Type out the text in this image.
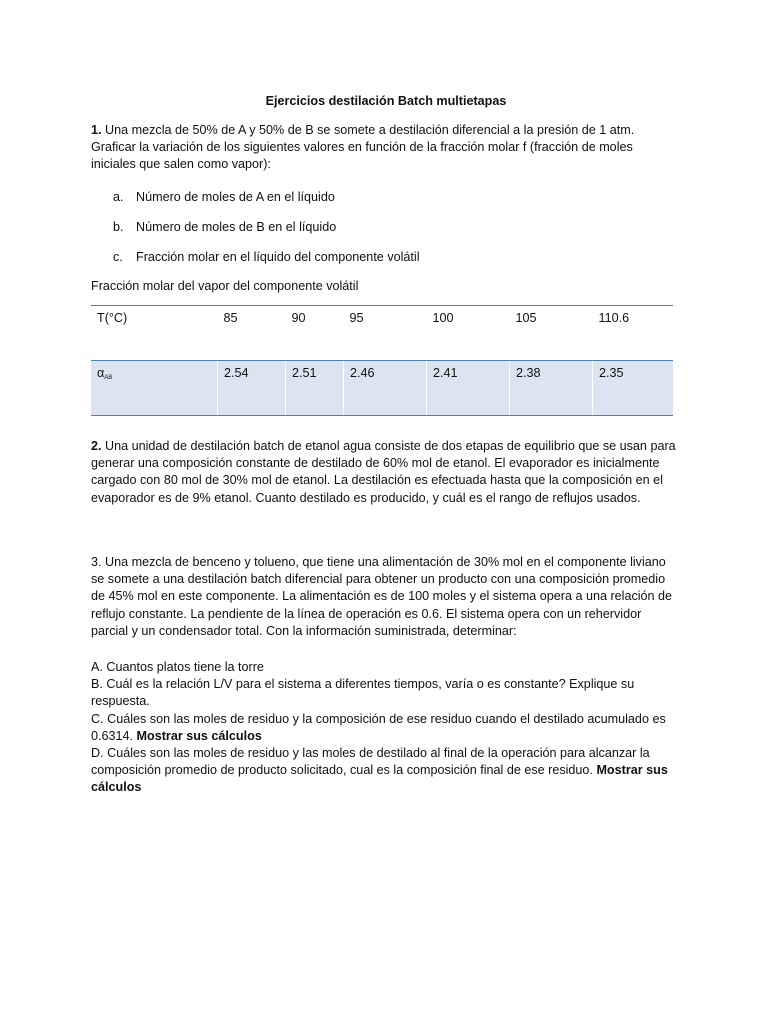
Ejercicios destilación Batch multietapas
1. Una mezcla de 50% de A y 50% de B se somete a destilación diferencial a la presión de 1 atm. Graficar la variación de los siguientes valores en función de la fracción molar f (fracción de moles iniciales que salen como vapor):
a. Número de moles de A en el líquido
b. Número de moles de B en el líquido
c. Fracción molar en el líquido del componente volátil
Fracción molar del vapor del componente volátil
T(°C)	85	90	95	100	105	110.6
$\alpha_{AB}$	2.54	2.51	2.46	2.41	2.38	2.35
2. Una unidad de destilación batch de etanol agua consiste de dos etapas de equilibrio que se usan para generar una composición constante de destilado de 60% mol de etanol. El evaporador es inicialmente cargado con 80 mol de 30% mol de etanol. La destilación es efectuada hasta que la composición en el evaporador es de 9% etanol. Cuanto destilado es producido, y cuál es el rango de reflujos usados.
3. Una mezcla de benceno y tolueno, que tiene una alimentación de 30% mol en el componente liviano se somete a una destilación batch diferencial para obtener un producto con una composición promedio de 45% mol en este componente. La alimentación es de 100 moles y el sistema opera a una relación de reflujo constante. La pendiente de la línea de operación es 0.6. El sistema opera con un rehervidor parcial y un condensador total. Con la información suministrada, determinar:
A. Cuantos platos tiene la torre
B. Cuál es la relación L/V para el sistema a diferentes tiempos, varía o es constante? Explique su respuesta.
C. Cuáles son las moles de residuo y la composición de ese residuo cuando el destilado acumulado es 0.6314. Mostrar sus cálculos
D. Cuáles son las moles de residuo y las moles de destilado al final de la operación para alcanzar la composición promedio de producto solicitado, cual es la composición final de ese residuo. Mostrar sus cálculos
